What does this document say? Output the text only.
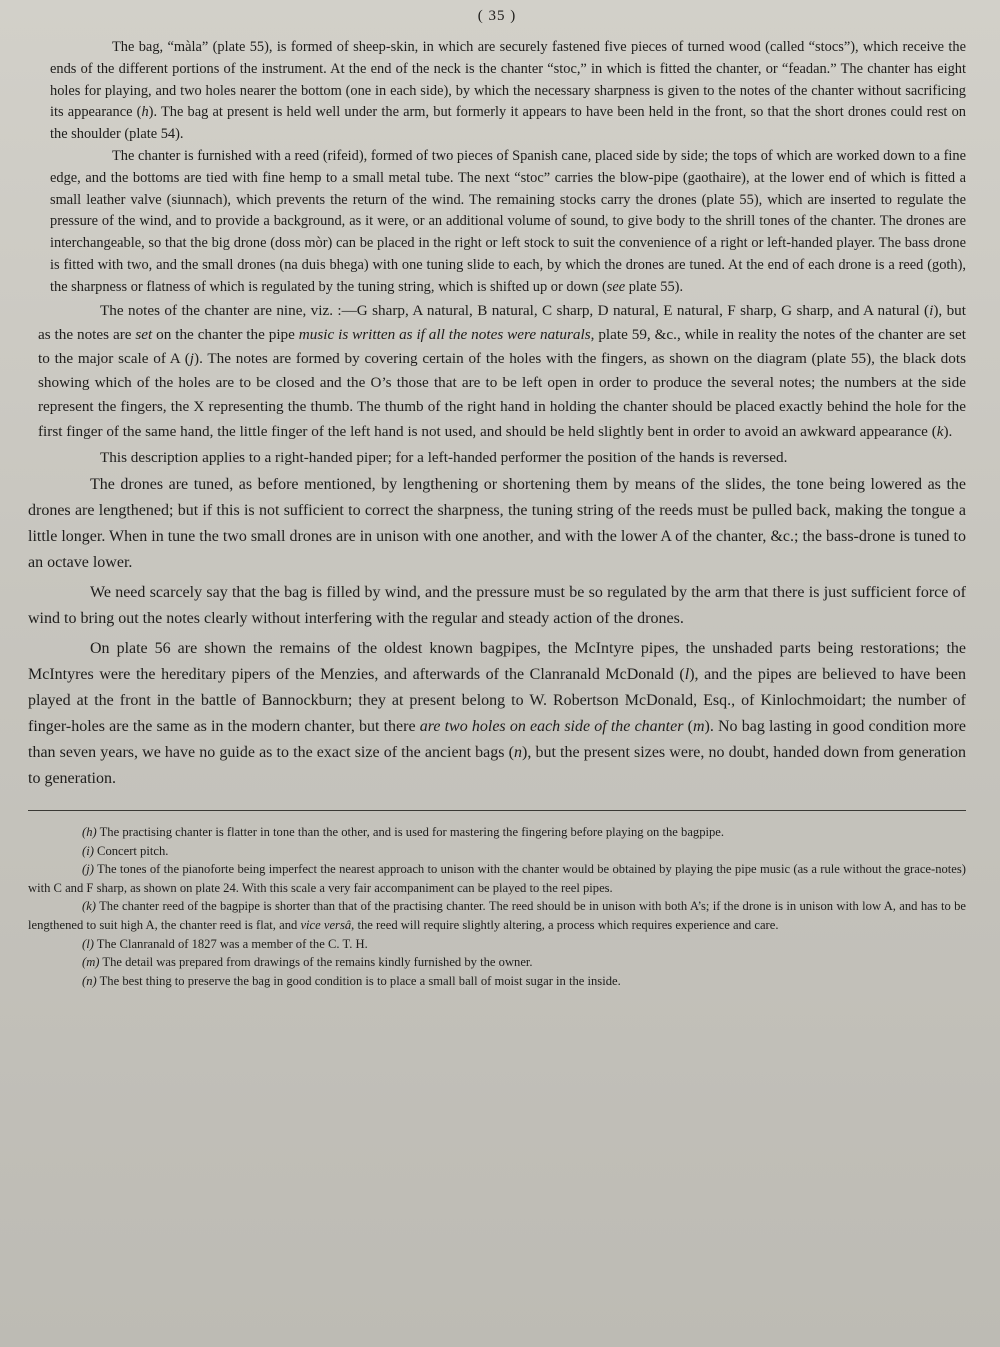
( 35 )

The bag, “màla” (plate 55), is formed of sheep-skin, in which are securely fastened five pieces of turned wood (called “stocs”), which receive the ends of the different portions of the instrument. At the end of the neck is the chanter “stoc,” in which is fitted the chanter, or “feadan.” The chanter has eight holes for playing, and two holes nearer the bottom (one in each side), by which the necessary sharpness is given to the notes of the chanter without sacrificing its appearance (h). The bag at present is held well under the arm, but formerly it appears to have been held in the front, so that the short drones could rest on the shoulder (plate 54).

The chanter is furnished with a reed (rifeid), formed of two pieces of Spanish cane, placed side by side; the tops of which are worked down to a fine edge, and the bottoms are tied with fine hemp to a small metal tube. The next “stoc” carries the blow-pipe (gaothaire), at the lower end of which is fitted a small leather valve (siunnach), which prevents the return of the wind. The remaining stocks carry the drones (plate 55), which are inserted to regulate the pressure of the wind, and to provide a background, as it were, or an additional volume of sound, to give body to the shrill tones of the chanter. The drones are interchangeable, so that the big drone (doss mòr) can be placed in the right or left stock to suit the convenience of a right or left-handed player. The bass drone is fitted with two, and the small drones (na duis bhega) with one tuning slide to each, by which the drones are tuned. At the end of each drone is a reed (goth), the sharpness or flatness of which is regulated by the tuning string, which is shifted up or down (see plate 55).

The notes of the chanter are nine, viz. :—G sharp, A natural, B natural, C sharp, D natural, E natural, F sharp, G sharp, and A natural (i), but as the notes are set on the chanter the pipe music is written as if all the notes were naturals, plate 59, &c., while in reality the notes of the chanter are set to the major scale of A (j). The notes are formed by covering certain of the holes with the fingers, as shown on the diagram (plate 55), the black dots showing which of the holes are to be closed and the O’s those that are to be left open in order to produce the several notes; the numbers at the side represent the fingers, the X representing the thumb. The thumb of the right hand in holding the chanter should be placed exactly behind the hole for the first finger of the same hand, the little finger of the left hand is not used, and should be held slightly bent in order to avoid an awkward appearance (k).

This description applies to a right-handed piper; for a left-handed performer the position of the hands is reversed.

The drones are tuned, as before mentioned, by lengthening or shortening them by means of the slides, the tone being lowered as the drones are lengthened; but if this is not sufficient to correct the sharpness, the tuning string of the reeds must be pulled back, making the tongue a little longer. When in tune the two small drones are in unison with one another, and with the lower A of the chanter, &c.; the bass-drone is tuned to an octave lower.

We need scarcely say that the bag is filled by wind, and the pressure must be so regulated by the arm that there is just sufficient force of wind to bring out the notes clearly without interfering with the regular and steady action of the drones.

On plate 56 are shown the remains of the oldest known bagpipes, the McIntyre pipes, the unshaded parts being restorations; the McIntyres were the hereditary pipers of the Menzies, and afterwards of the Clanranald McDonald (l), and the pipes are believed to have been played at the front in the battle of Bannockburn; they at present belong to W. Robertson McDonald, Esq., of Kinlochmoidart; the number of finger-holes are the same as in the modern chanter, but there are two holes on each side of the chanter (m). No bag lasting in good condition more than seven years, we have no guide as to the exact size of the ancient bags (n), but the present sizes were, no doubt, handed down from generation to generation.

(h) The practising chanter is flatter in tone than the other, and is used for mastering the fingering before playing on the bagpipe.

(i) Concert pitch.

(j) The tones of the pianoforte being imperfect the nearest approach to unison with the chanter would be obtained by playing the pipe music (as a rule without the grace-notes) with C and F sharp, as shown on plate 24. With this scale a very fair accompaniment can be played to the reel pipes.

(k) The chanter reed of the bagpipe is shorter than that of the practising chanter. The reed should be in unison with both A’s; if the drone is in unison with low A, and has to be lengthened to suit high A, the chanter reed is flat, and vice versâ, the reed will require slightly altering, a process which requires experience and care.

(l) The Clanranald of 1827 was a member of the C. T. H.

(m) The detail was prepared from drawings of the remains kindly furnished by the owner.

(n) The best thing to preserve the bag in good condition is to place a small ball of moist sugar in the inside.
